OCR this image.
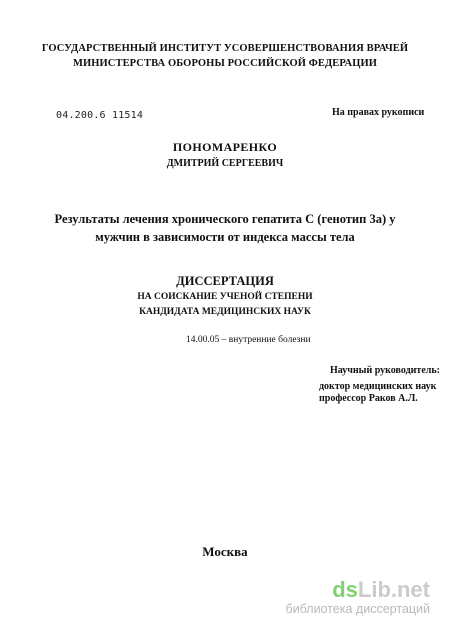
ГОСУДАРСТВЕННЫЙ ИНСТИТУТ УСОВЕРШЕНСТВОВАНИЯ ВРАЧЕЙ
МИНИСТЕРСТВА ОБОРОНЫ РОССИЙСКОЙ ФЕДЕРАЦИИ
04.200.6 11514	На правах рукописи
ПОНОМАРЕНКО
ДМИТРИЙ СЕРГЕЕВИЧ
Результаты лечения хронического гепатита С (генотип 3а) у
мужчин в зависимости от индекса массы тела
ДИССЕРТАЦИЯ
НА СОИСКАНИЕ УЧЕНОЙ СТЕПЕНИ
КАНДИДАТА МЕДИЦИНСКИХ НАУК
14.00.05 – внутренние болезни
Научный руководитель:
доктор медицинских наук
профессор Раков А.Л.
Москва
dsLib.net
библиотека диссертаций
